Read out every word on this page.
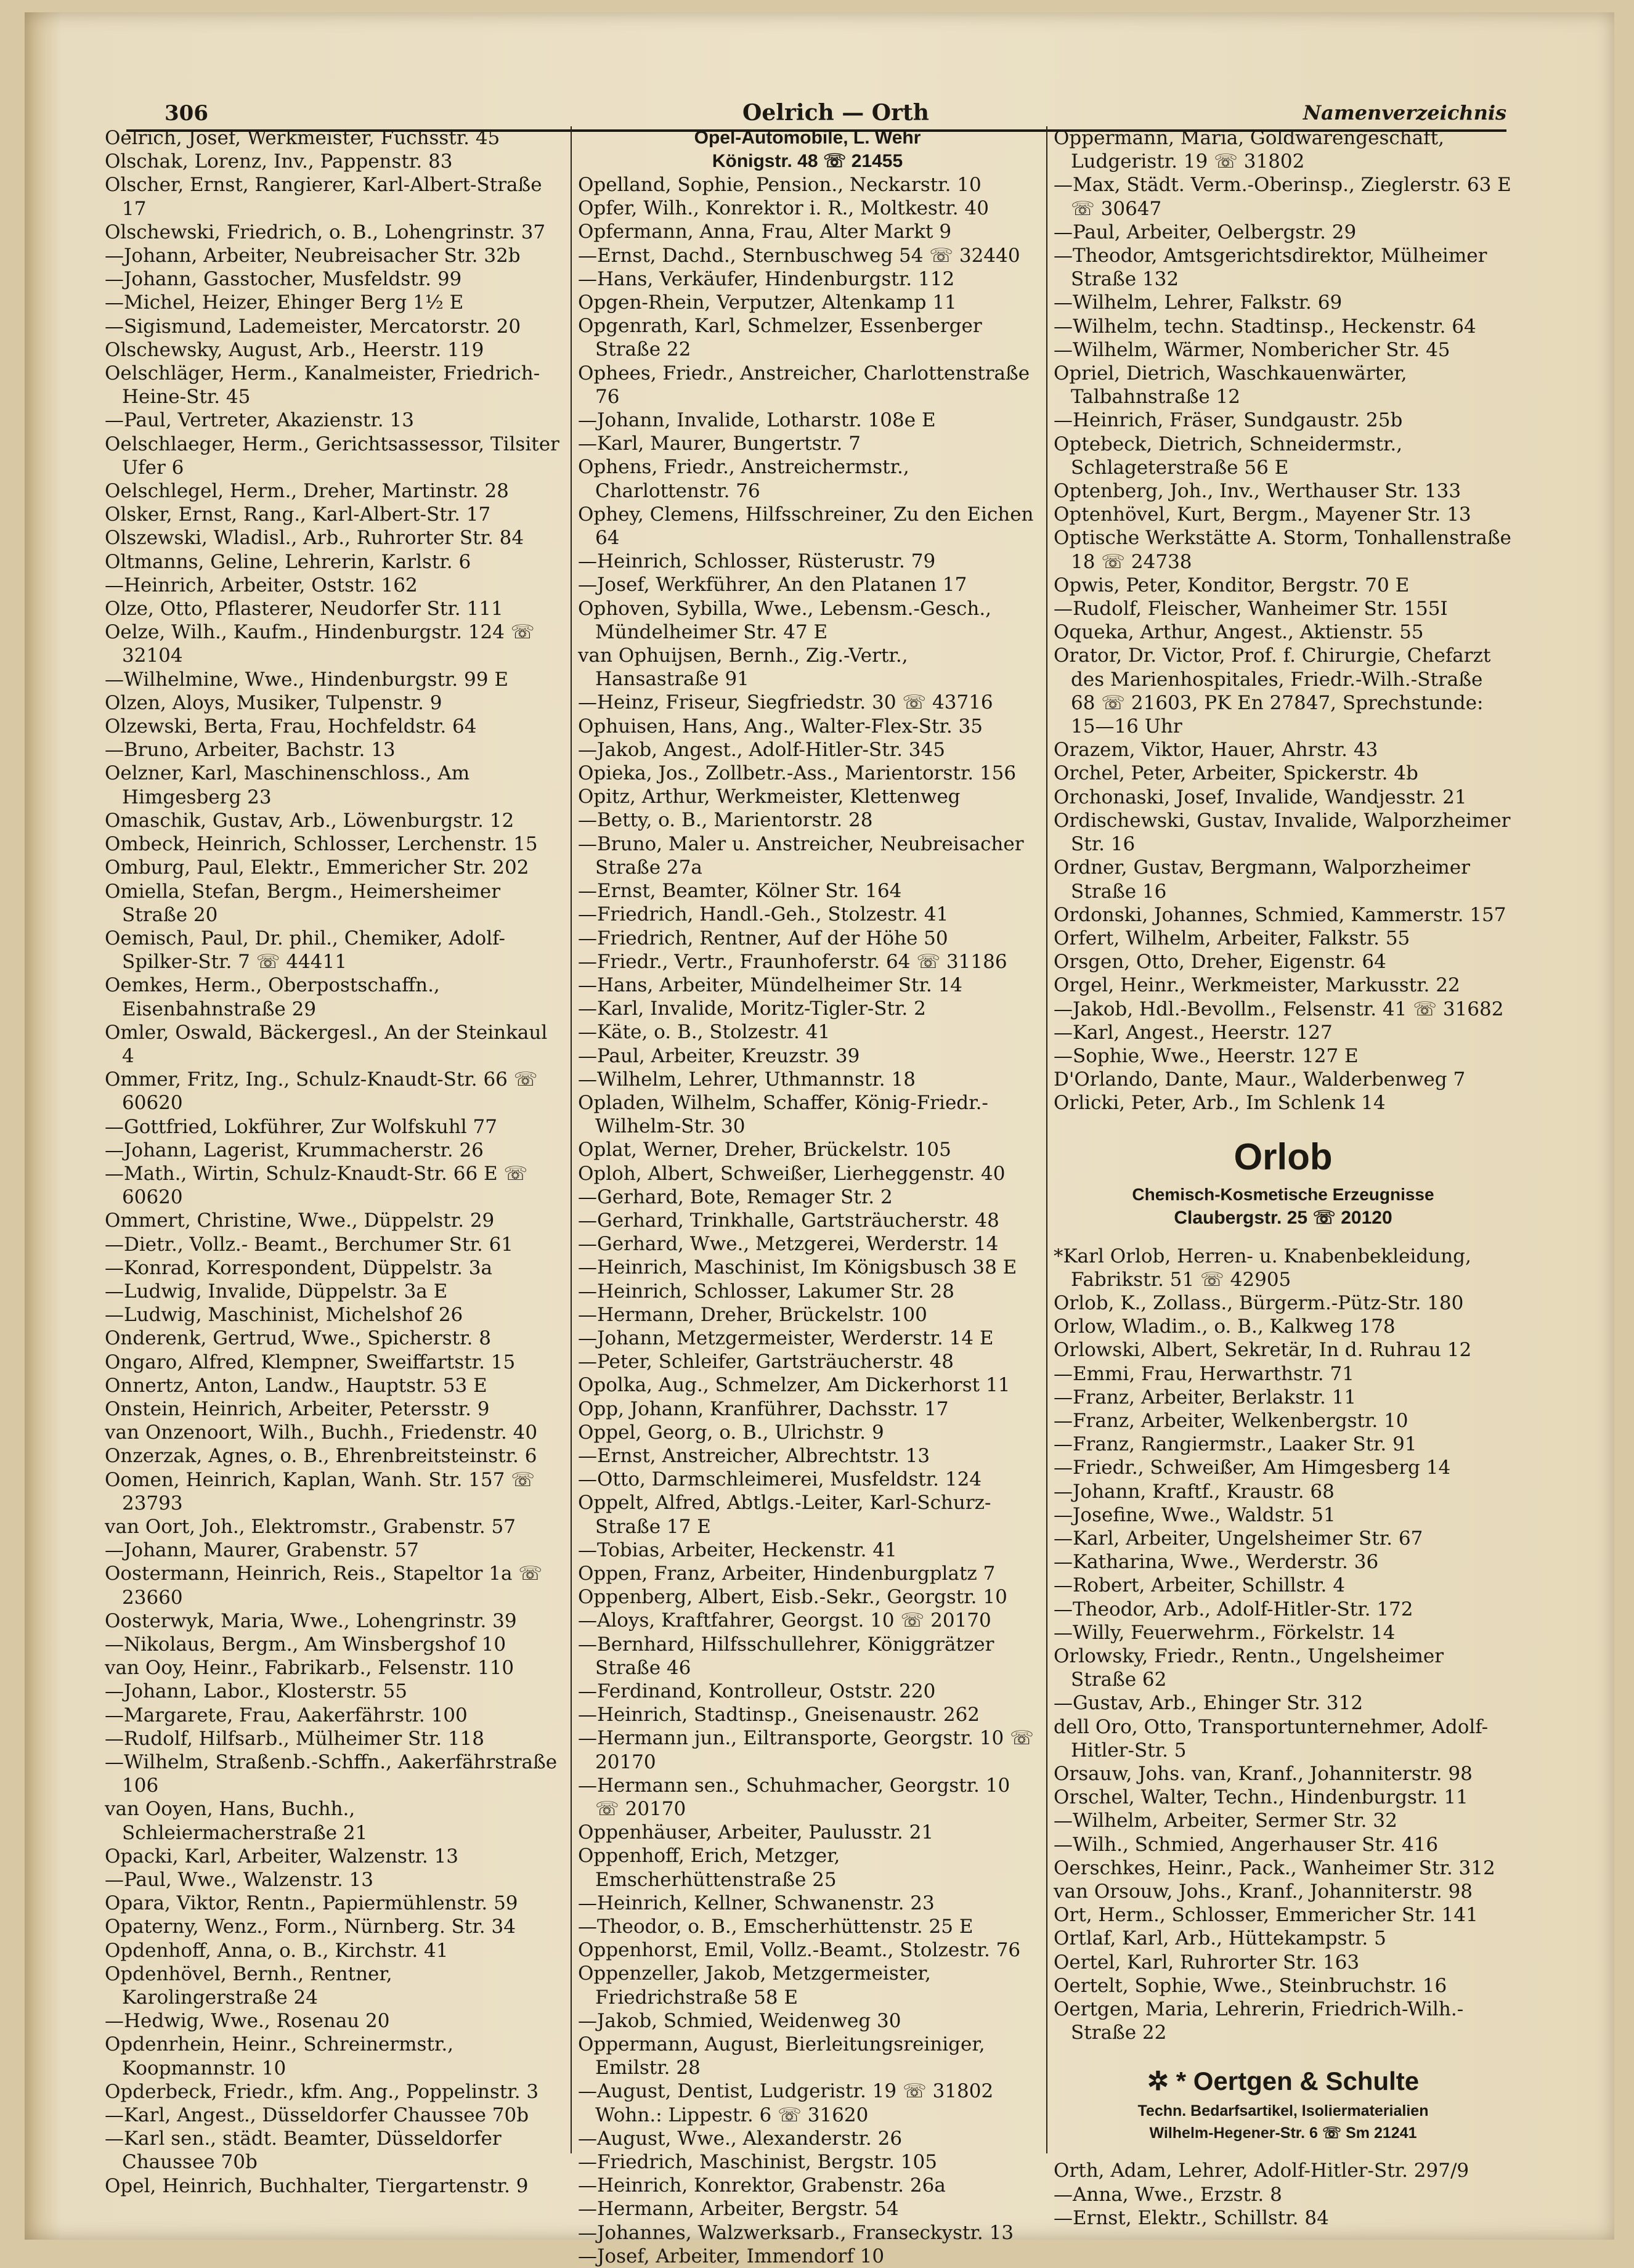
306	Oelrich — Orth	Namenverzeichnis
Oelrich, Josef, Werkmeister, Fuchsstr. 45
Olschak, Lorenz, Inv., Pappenstr. 83
Olscher, Ernst, Rangierer, Karl-Albert-Straße 17
Olschewski, Friedrich, o. B., Lohengrinstr. 37
—Johann, Arbeiter, Neubreisacher Str. 32b
—Johann, Gasstocher, Musfeldstr. 99
—Michel, Heizer, Ehinger Berg 1½ E
—Sigismund, Lademeister, Mercatorstr. 20
Olschewsky, August, Arb., Heerstr. 119
Oelschläger, Herm., Kanalmeister, Friedrich-Heine-Str. 45
—Paul, Vertreter, Akazienstr. 13
Oelschlaeger, Herm., Gerichtsassessor, Tilsiter Ufer 6
Oelschlegel, Herm., Dreher, Martinstr. 28
Olsker, Ernst, Rang., Karl-Albert-Str. 17
Olszewski, Wladisl., Arb., Ruhrorter Str. 84
Oltmanns, Geline, Lehrerin, Karlstr. 6
—Heinrich, Arbeiter, Oststr. 162
Olze, Otto, Pflasterer, Neudorfer Str. 111
Oelze, Wilh., Kaufm., Hindenburgstr. 124 ☏ 32104
—Wilhelmine, Wwe., Hindenburgstr. 99 E
Olzen, Aloys, Musiker, Tulpenstr. 9
Olzewski, Berta, Frau, Hochfeldstr. 64
—Bruno, Arbeiter, Bachstr. 13
Oelzner, Karl, Maschinenschloss., Am Himgesberg 23
Omaschik, Gustav, Arb., Löwenburgstr. 12
Ombeck, Heinrich, Schlosser, Lerchenstr. 15
Omburg, Paul, Elektr., Emmericher Str. 202
Omiella, Stefan, Bergm., Heimersheimer Straße 20
Oemisch, Paul, Dr. phil., Chemiker, Adolf-Spilker-Str. 7 ☏ 44411
Oemkes, Herm., Oberpostschaffn., Eisenbahnstraße 29
Omler, Oswald, Bäckergesl., An der Steinkaul 4
Ommer, Fritz, Ing., Schulz-Knaudt-Str. 66 ☏ 60620
—Gottfried, Lokführer, Zur Wolfskuhl 77
—Johann, Lagerist, Krummacherstr. 26
—Math., Wirtin, Schulz-Knaudt-Str. 66 E ☏ 60620
Ommert, Christine, Wwe., Düppelstr. 29
—Dietr., Vollz.- Beamt., Berchumer Str. 61
—Konrad, Korrespondent, Düppelstr. 3a
—Ludwig, Invalide, Düppelstr. 3a E
—Ludwig, Maschinist, Michelshof 26
Onderenk, Gertrud, Wwe., Spicherstr. 8
Ongaro, Alfred, Klempner, Sweiffartstr. 15
Onnertz, Anton, Landw., Hauptstr. 53 E
Onstein, Heinrich, Arbeiter, Petersstr. 9
van Onzenoort, Wilh., Buchh., Friedenstr. 40
Onzerzak, Agnes, o. B., Ehrenbreitsteinstr. 6
Oomen, Heinrich, Kaplan, Wanh. Str. 157 ☏ 23793
van Oort, Joh., Elektromstr., Grabenstr. 57
—Johann, Maurer, Grabenstr. 57
Oostermann, Heinrich, Reis., Stapeltor 1a ☏ 23660
Oosterwyk, Maria, Wwe., Lohengrinstr. 39
—Nikolaus, Bergm., Am Winsbergshof 10
van Ooy, Heinr., Fabrikarb., Felsenstr. 110
—Johann, Labor., Klosterstr. 55
—Margarete, Frau, Aakerfährstr. 100
—Rudolf, Hilfsarb., Mülheimer Str. 118
—Wilhelm, Straßenb.-Schffn., Aakerfährstraße 106
van Ooyen, Hans, Buchh., Schleiermacherstraße 21
Opacki, Karl, Arbeiter, Walzenstr. 13
—Paul, Wwe., Walzenstr. 13
Opara, Viktor, Rentn., Papiermühlenstr. 59
Opaterny, Wenz., Form., Nürnberg. Str. 34
Opdenhoff, Anna, o. B., Kirchstr. 41
Opdenhövel, Bernh., Rentner, Karolingerstraße 24
—Hedwig, Wwe., Rosenau 20
Opdenrhein, Heinr., Schreinermstr., Koopmannstr. 10
Opderbeck, Friedr., kfm. Ang., Poppelinstr. 3
—Karl, Angest., Düsseldorfer Chaussee 70b
—Karl sen., städt. Beamter, Düsseldorfer Chaussee 70b
Opel, Heinrich, Buchhalter, Tiergartenstr. 9
Opel-Automobile, L. Wehr
Königstr. 48 ☏ 21455
Opelland, Sophie, Pension., Neckarstr. 10
Opfer, Wilh., Konrektor i. R., Moltkestr. 40
Opfermann, Anna, Frau, Alter Markt 9
—Ernst, Dachd., Sternbuschweg 54 ☏ 32440
—Hans, Verkäufer, Hindenburgstr. 112
Opgen-Rhein, Verputzer, Altenkamp 11
Opgenrath, Karl, Schmelzer, Essenberger Straße 22
Ophees, Friedr., Anstreicher, Charlottenstraße 76
—Johann, Invalide, Lotharstr. 108e E
—Karl, Maurer, Bungertstr. 7
Ophens, Friedr., Anstreichermstr., Charlottenstr. 76
Ophey, Clemens, Hilfsschreiner, Zu den Eichen 64
—Heinrich, Schlosser, Rüsterustr. 79
—Josef, Werkführer, An den Platanen 17
Ophoven, Sybilla, Wwe., Lebensm.-Gesch., Mündelheimer Str. 47 E
van Ophuijsen, Bernh., Zig.-Vertr., Hansastraße 91
—Heinz, Friseur, Siegfriedstr. 30 ☏ 43716
Ophuisen, Hans, Ang., Walter-Flex-Str. 35
—Jakob, Angest., Adolf-Hitler-Str. 345
Opieka, Jos., Zollbetr.-Ass., Marientorstr. 156
Opitz, Arthur, Werkmeister, Klettenweg
—Betty, o. B., Marientorstr. 28
—Bruno, Maler u. Anstreicher, Neubreisacher Straße 27a
—Ernst, Beamter, Kölner Str. 164
—Friedrich, Handl.-Geh., Stolzestr. 41
—Friedrich, Rentner, Auf der Höhe 50
—Friedr., Vertr., Fraunhoferstr. 64 ☏ 31186
—Hans, Arbeiter, Mündelheimer Str. 14
—Karl, Invalide, Moritz-Tigler-Str. 2
—Käte, o. B., Stolzestr. 41
—Paul, Arbeiter, Kreuzstr. 39
—Wilhelm, Lehrer, Uthmannstr. 18
Opladen, Wilhelm, Schaffer, König-Friedr.-Wilhelm-Str. 30
Oplat, Werner, Dreher, Brückelstr. 105
Oploh, Albert, Schweißer, Lierheggenstr. 40
—Gerhard, Bote, Remager Str. 2
—Gerhard, Trinkhalle, Gartsträucherstr. 48
—Gerhard, Wwe., Metzgerei, Werderstr. 14
—Heinrich, Maschinist, Im Königsbusch 38 E
—Heinrich, Schlosser, Lakumer Str. 28
—Hermann, Dreher, Brückelstr. 100
—Johann, Metzgermeister, Werderstr. 14 E
—Peter, Schleifer, Gartsträucherstr. 48
Opolka, Aug., Schmelzer, Am Dickerhorst 11
Opp, Johann, Kranführer, Dachsstr. 17
Oppel, Georg, o. B., Ulrichstr. 9
—Ernst, Anstreicher, Albrechtstr. 13
—Otto, Darmschleimerei, Musfeldstr. 124
Oppelt, Alfred, Abtlgs.-Leiter, Karl-Schurz-Straße 17 E
—Tobias, Arbeiter, Heckenstr. 41
Oppen, Franz, Arbeiter, Hindenburgplatz 7
Oppenberg, Albert, Eisb.-Sekr., Georgstr. 10
—Aloys, Kraftfahrer, Georgst. 10 ☏ 20170
—Bernhard, Hilfsschullehrer, Königgrätzer Straße 46
—Ferdinand, Kontrolleur, Oststr. 220
—Heinrich, Stadtinsp., Gneisenaustr. 262
—Hermann jun., Eiltransporte, Georgstr. 10 ☏ 20170
—Hermann sen., Schuhmacher, Georgstr. 10 ☏ 20170
Oppenhäuser, Arbeiter, Paulusstr. 21
Oppenhoff, Erich, Metzger, Emscherhüttenstraße 25
—Heinrich, Kellner, Schwanenstr. 23
—Theodor, o. B., Emscherhüttenstr. 25 E
Oppenhorst, Emil, Vollz.-Beamt., Stolzestr. 76
Oppenzeller, Jakob, Metzgermeister, Friedrichstraße 58 E
—Jakob, Schmied, Weidenweg 30
Oppermann, August, Bierleitungsreiniger, Emilstr. 28
—August, Dentist, Ludgeristr. 19 ☏ 31802 Wohn.: Lippestr. 6 ☏ 31620
—August, Wwe., Alexanderstr. 26
—Friedrich, Maschinist, Bergstr. 105
—Heinrich, Konrektor, Grabenstr. 26a
—Hermann, Arbeiter, Bergstr. 54
—Johannes, Walzwerksarb., Franseckystr. 13
—Josef, Arbeiter, Immendorf 10
Oppermann, Maria, Goldwarengeschäft, Ludgeristr. 19 ☏ 31802
—Max, Städt. Verm.-Oberinsp., Zieglerstr. 63 E ☏ 30647
—Paul, Arbeiter, Oelbergstr. 29
—Theodor, Amtsgerichtsdirektor, Mülheimer Straße 132
—Wilhelm, Lehrer, Falkstr. 69
—Wilhelm, techn. Stadtinsp., Heckenstr. 64
—Wilhelm, Wärmer, Nombericher Str. 45
Opriel, Dietrich, Waschkauenwärter, Talbahnstraße 12
—Heinrich, Fräser, Sundgaustr. 25b
Optebeck, Dietrich, Schneidermstr., Schlageterstraße 56 E
Optenberg, Joh., Inv., Werthauser Str. 133
Optenhövel, Kurt, Bergm., Mayener Str. 13
Optische Werkstätte A. Storm, Tonhallenstraße 18 ☏ 24738
Opwis, Peter, Konditor, Bergstr. 70 E
—Rudolf, Fleischer, Wanheimer Str. 155I
Oqueka, Arthur, Angest., Aktienstr. 55
Orator, Dr. Victor, Prof. f. Chirurgie, Chefarzt des Marienhospitales, Friedr.-Wilh.-Straße 68 ☏ 21603, PK En 27847, Sprechstunde: 15—16 Uhr
Orazem, Viktor, Hauer, Ahrstr. 43
Orchel, Peter, Arbeiter, Spickerstr. 4b
Orchonaski, Josef, Invalide, Wandjesstr. 21
Ordischewski, Gustav, Invalide, Walporzheimer Str. 16
Ordner, Gustav, Bergmann, Walporzheimer Straße 16
Ordonski, Johannes, Schmied, Kammerstr. 157
Orfert, Wilhelm, Arbeiter, Falkstr. 55
Orsgen, Otto, Dreher, Eigenstr. 64
Orgel, Heinr., Werkmeister, Markusstr. 22
—Jakob, Hdl.-Bevollm., Felsenstr. 41 ☏ 31682
—Karl, Angest., Heerstr. 127
—Sophie, Wwe., Heerstr. 127 E
D'Orlando, Dante, Maur., Walderbenweg 7
Orlicki, Peter, Arb., Im Schlenk 14
Orlob
Chemisch-Kosmetische Erzeugnisse
Claubergstr. 25 ☏ 20120
*Karl Orlob, Herren- u. Knabenbekleidung, Fabrikstr. 51 ☏ 42905
Orlob, K., Zollass., Bürgerm.-Pütz-Str. 180
Orlow, Wladim., o. B., Kalkweg 178
Orlowski, Albert, Sekretär, In d. Ruhrau 12
—Emmi, Frau, Herwarthstr. 71
—Franz, Arbeiter, Berlakstr. 11
—Franz, Arbeiter, Welkenbergstr. 10
—Franz, Rangiermstr., Laaker Str. 91
—Friedr., Schweißer, Am Himgesberg 14
—Johann, Kraftf., Kraustr. 68
—Josefine, Wwe., Waldstr. 51
—Karl, Arbeiter, Ungelsheimer Str. 67
—Katharina, Wwe., Werderstr. 36
—Robert, Arbeiter, Schillstr. 4
—Theodor, Arb., Adolf-Hitler-Str. 172
—Willy, Feuerwehrm., Förkelstr. 14
Orlowsky, Friedr., Rentn., Ungelsheimer Straße 62
—Gustav, Arb., Ehinger Str. 312
dell Oro, Otto, Transportunternehmer, Adolf-Hitler-Str. 5
Orsauw, Johs. van, Kranf., Johanniterstr. 98
Orschel, Walter, Techn., Hindenburgstr. 11
—Wilhelm, Arbeiter, Sermer Str. 32
—Wilh., Schmied, Angerhauser Str. 416
Oerschkes, Heinr., Pack., Wanheimer Str. 312
van Orsouw, Johs., Kranf., Johanniterstr. 98
Ort, Herm., Schlosser, Emmericher Str. 141
Ortlaf, Karl, Arb., Hüttekampstr. 5
Oertel, Karl, Ruhrorter Str. 163
Oertelt, Sophie, Wwe., Steinbruchstr. 16
Oertgen, Maria, Lehrerin, Friedrich-Wilh.-Straße 22
✲ * Oertgen & Schulte
Techn. Bedarfsartikel, Isoliermaterialien
Wilhelm-Hegener-Str. 6 ☏ Sm 21241
Orth, Adam, Lehrer, Adolf-Hitler-Str. 297/9
—Anna, Wwe., Erzstr. 8
—Ernst, Elektr., Schillstr. 84
